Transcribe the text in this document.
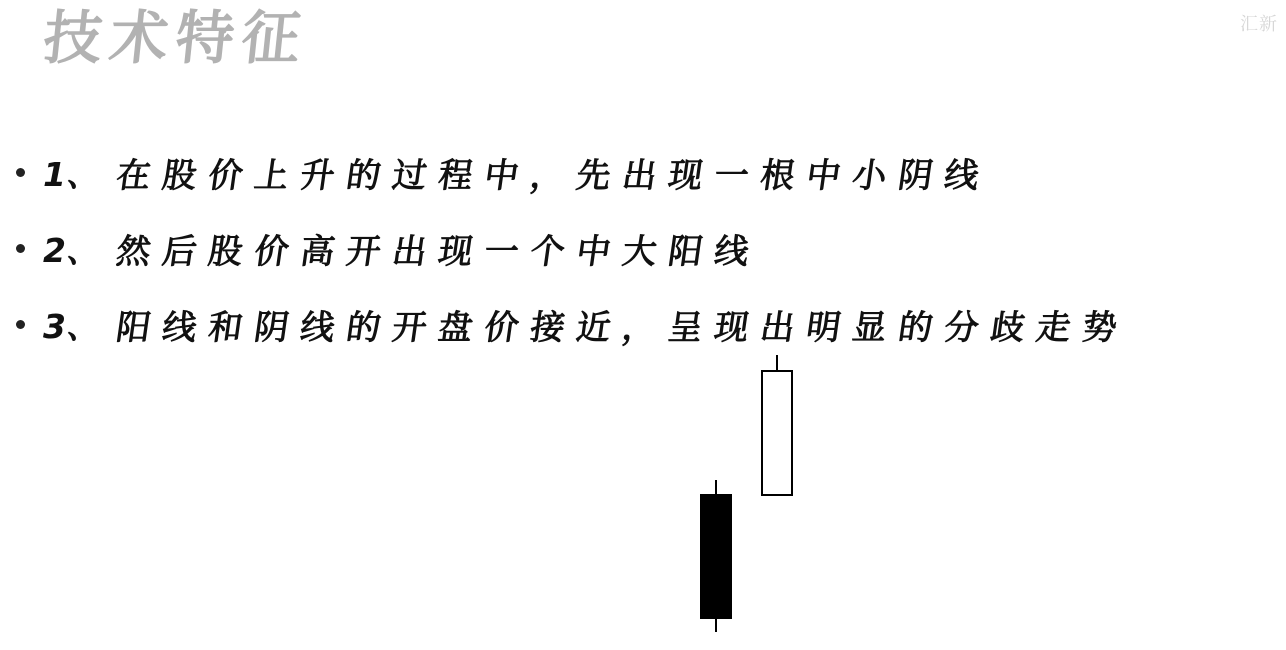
技术特征	汇新
1、 在股价上升的过程中，先出现一根中小阴线
2、 然后股价高开出现一个中大阳线
3、 阳线和阴线的开盘价接近，呈现出明显的分歧走势
